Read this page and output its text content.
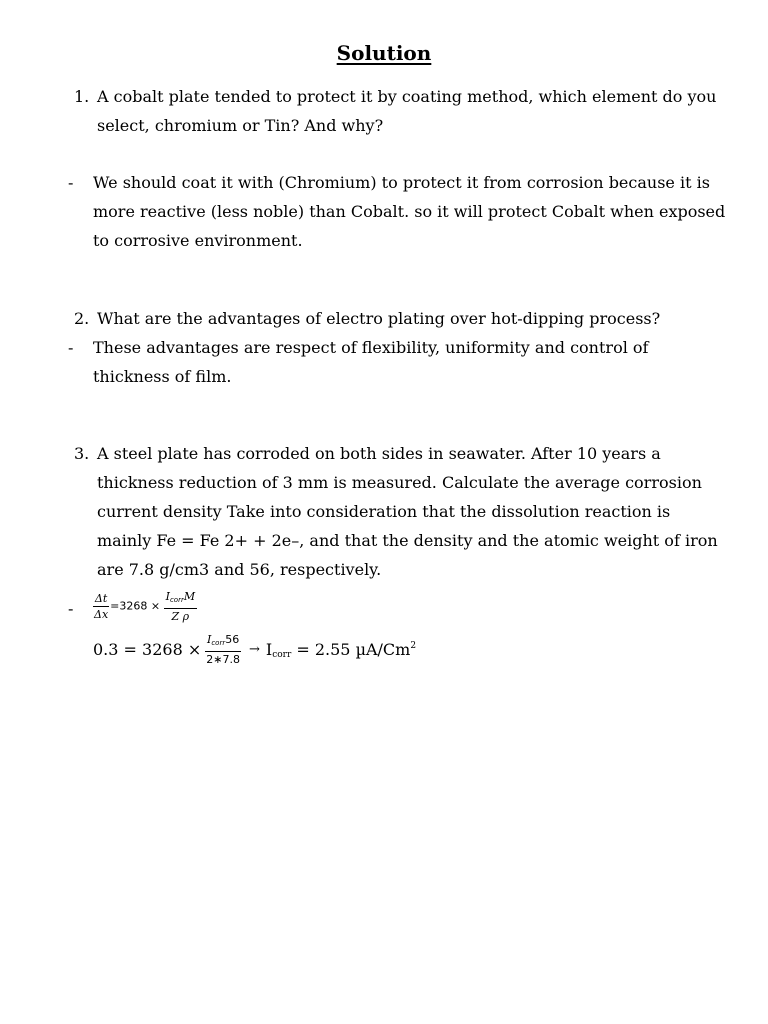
Solution
1. A cobalt plate tended to protect it by coating method, which element do you select, chromium or Tin? And why?
- We should coat it with (Chromium) to protect it from corrosion because it is more reactive (less noble) than Cobalt. so it will protect Cobalt when exposed to corrosive environment.
2. What are the advantages of electro plating over hot-dipping process?
- These advantages are respect of flexibility, uniformity and control of thickness of film.
3. A steel plate has corroded on both sides in seawater. After 10 years a thickness reduction of 3 mm is measured. Calculate the average corrosion current density Take into consideration that the dissolution reaction is mainly Fe = Fe 2+ + 2e–, and that the density and the atomic weight of iron are 7.8 g/cm3 and 56, respectively.
- $\frac{\Delta t}{\Delta x} =3268 \times \frac{I_{corr}M}{\text{Z ρ}}$
$0.3 = 3268 \times \frac{I_{corr}56}{2∗7.8}$ → Icorr = 2.55 µA/Cm$^2$
